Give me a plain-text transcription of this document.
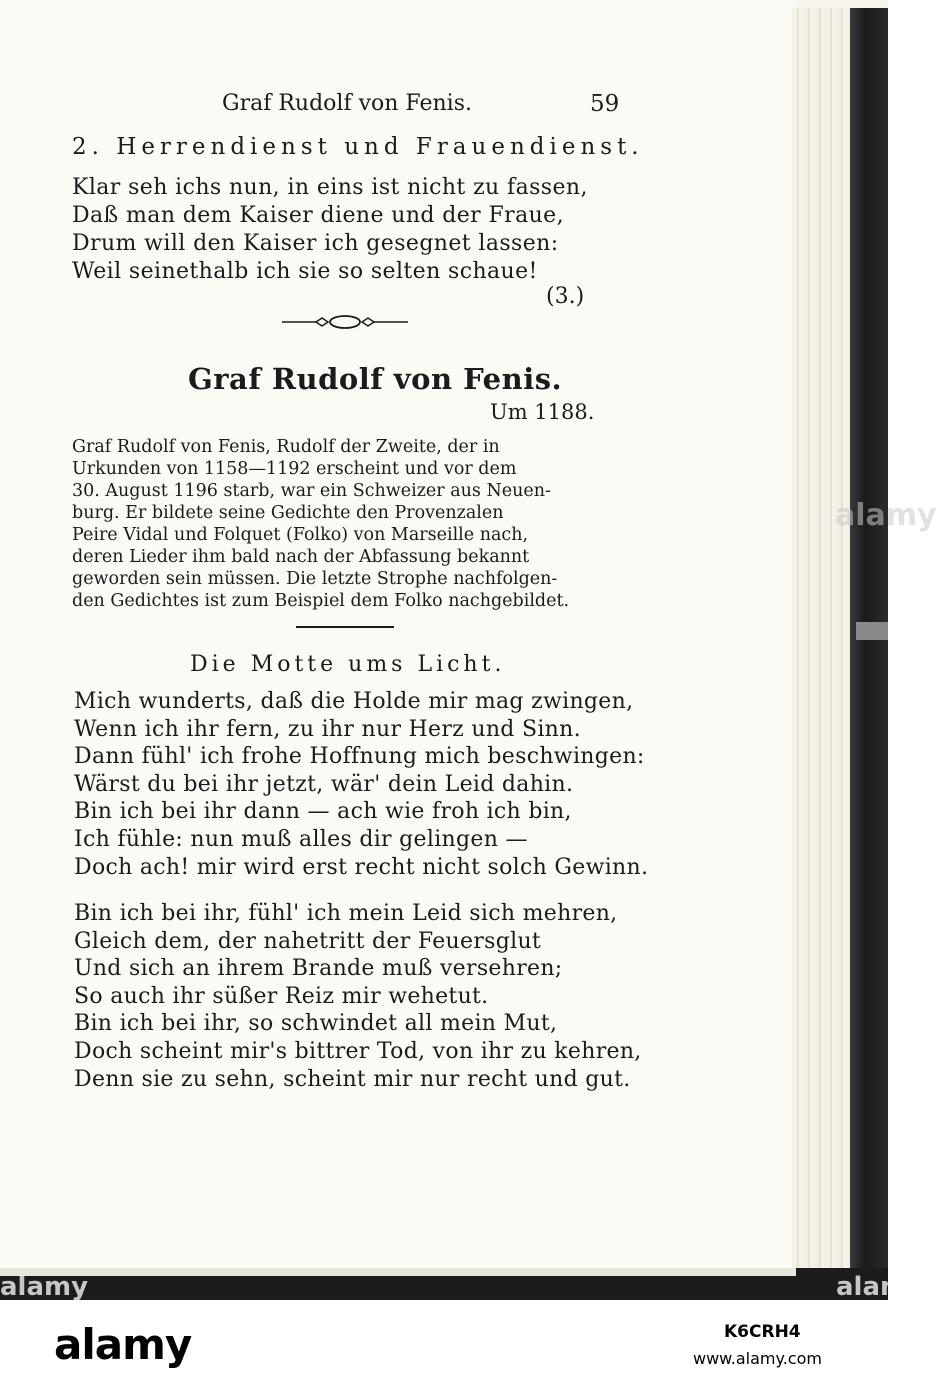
Graf Rudolf von Fenis.	59
2. Herrendienst und Frauendienst.
Klar seh ichs nun, in eins ist nicht zu fassen,
Daß man dem Kaiser diene und der Fraue,
Drum will den Kaiser ich gesegnet lassen:
Weil seinethalb ich sie so selten schaue!
(3.)
Graf Rudolf von Fenis.
Um 1188.
Graf Rudolf von Fenis, Rudolf der Zweite, der in
Urkunden von 1158—1192 erscheint und vor dem
30. August 1196 starb, war ein Schweizer aus Neuen-
burg. Er bildete seine Gedichte den Provenzalen
Peire Vidal und Folquet (Folko) von Marseille nach,
deren Lieder ihm bald nach der Abfassung bekannt
geworden sein müssen. Die letzte Strophe nachfolgen-
den Gedichtes ist zum Beispiel dem Folko nachgebildet.
Die Motte ums Licht.
Mich wunderts, daß die Holde mir mag zwingen,
Wenn ich ihr fern, zu ihr nur Herz und Sinn.
Dann fühl' ich frohe Hoffnung mich beschwingen:
Wärst du bei ihr jetzt, wär' dein Leid dahin.
Bin ich bei ihr dann — ach wie froh ich bin,
Ich fühle: nun muß alles dir gelingen —
Doch ach! mir wird erst recht nicht solch Gewinn.
Bin ich bei ihr, fühl' ich mein Leid sich mehren,
Gleich dem, der nahetritt der Feuersglut
Und sich an ihrem Brande muß versehren;
So auch ihr süßer Reiz mir wehetut.
Bin ich bei ihr, so schwindet all mein Mut,
Doch scheint mir's bittrer Tod, von ihr zu kehren,
Denn sie zu sehn, scheint mir nur recht und gut.
alamy
alamy	alamy
alamy	K6CRH4
www.alamy.com
